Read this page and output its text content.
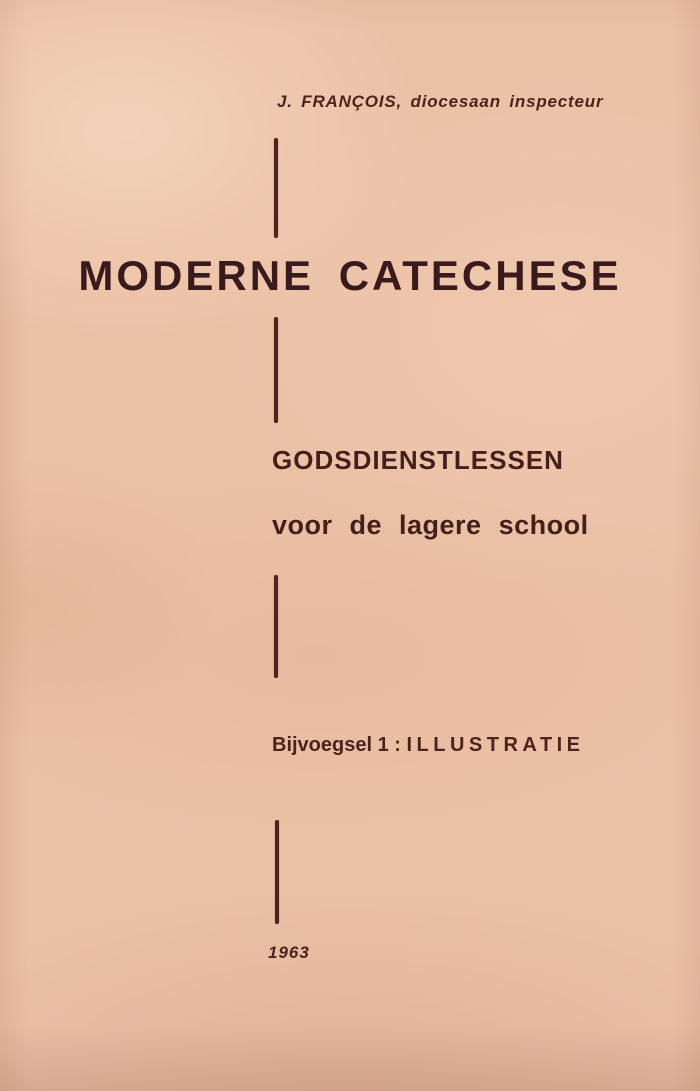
J. FRANÇOIS, diocesaan inspecteur
MODERNE CATECHESE
GODSDIENSTLESSEN
voor de lagere school
Bijvoegsel 1 : ILLUSTRATIE
1963
